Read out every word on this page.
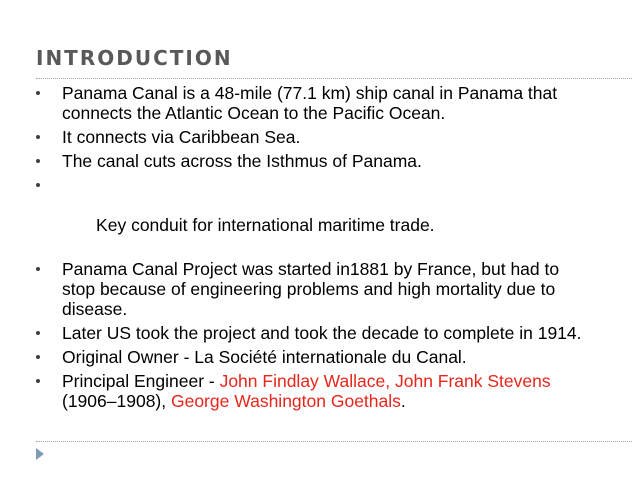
INTRODUCTION
Panama Canal is a 48-mile (77.1 km) ship canal in Panama that connects the Atlantic Ocean to the Pacific Ocean.
It connects via Caribbean Sea.
The canal cuts across the Isthmus of Panama.

Key conduit for international maritime trade.

Panama Canal Project was started in1881 by France, but had to stop because of engineering problems and high mortality due to disease.
Later US took the project and took the decade to complete in 1914.
Original Owner - La Société internationale du Canal.
Principal Engineer - John Findlay Wallace, John Frank Stevens (1906–1908), George Washington Goethals.
